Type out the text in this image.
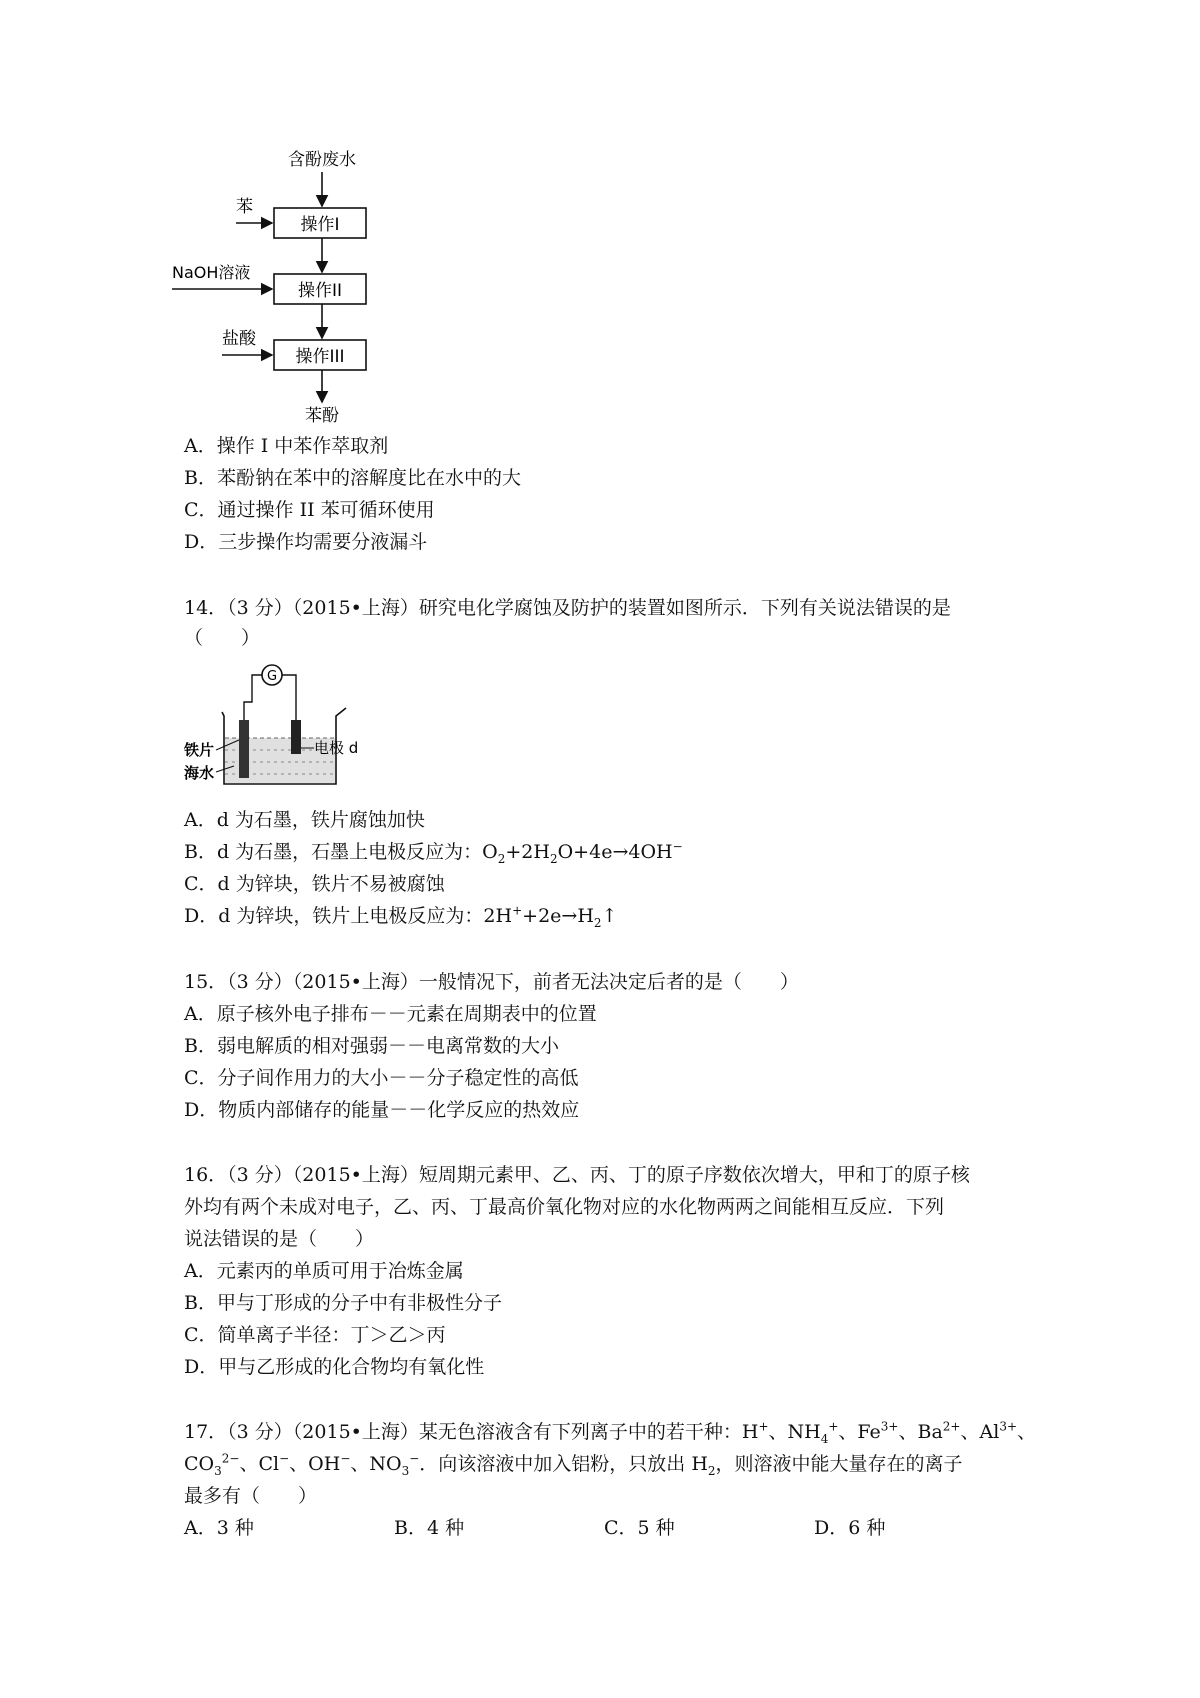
含酚废水
操作I
苯
操作II
NaOH溶液
操作III
盐酸
苯酚
A．操作 I 中苯作萃取剂
B．苯酚钠在苯中的溶解度比在水中的大
C．通过操作 II 苯可循环使用
D．三步操作均需要分液漏斗
14．（3 分）（2015•上海）研究电化学腐蚀及防护的装置如图所示．下列有关说法错误的是
（　　）
G
铁片
海水
电极 d
A．d 为石墨，铁片腐蚀加快
B．d 为石墨，石墨上电极反应为：$O_2+2H_2O+4e\to 4OH^-$
C．d 为锌块，铁片不易被腐蚀
D．d 为锌块，铁片上电极反应为：$2H^++2e\to H_2↑$
15．（3 分）（2015•上海）一般情况下，前者无法决定后者的是（　　）
A．原子核外电子排布－－元素在周期表中的位置
B．弱电解质的相对强弱－－电离常数的大小
C．分子间作用力的大小－－分子稳定性的高低
D．物质内部储存的能量－－化学反应的热效应
16．（3 分）（2015•上海）短周期元素甲、乙、丙、丁的原子序数依次增大，甲和丁的原子核
外均有两个未成对电子，乙、丙、丁最高价氧化物对应的水化物两两之间能相互反应．下列
说法错误的是（　　）
A．元素丙的单质可用于冶炼金属
B．甲与丁形成的分子中有非极性分子
C．简单离子半径：丁＞乙＞丙
D．甲与乙形成的化合物均有氧化性
17．（3 分）（2015•上海）某无色溶液含有下列离子中的若干种：H+、$NH_4^+$、$Fe^{3+}$、$Ba^{2+}$、$Al^{3+}$、
$CO_3^{2-}$、Cl−、OH−、$NO_3^-$．向该溶液中加入铝粉，只放出 $H_2$，则溶液中能大量存在的离子
最多有（　　）
A．3 种	B．4 种	C．5 种	D．6 种
